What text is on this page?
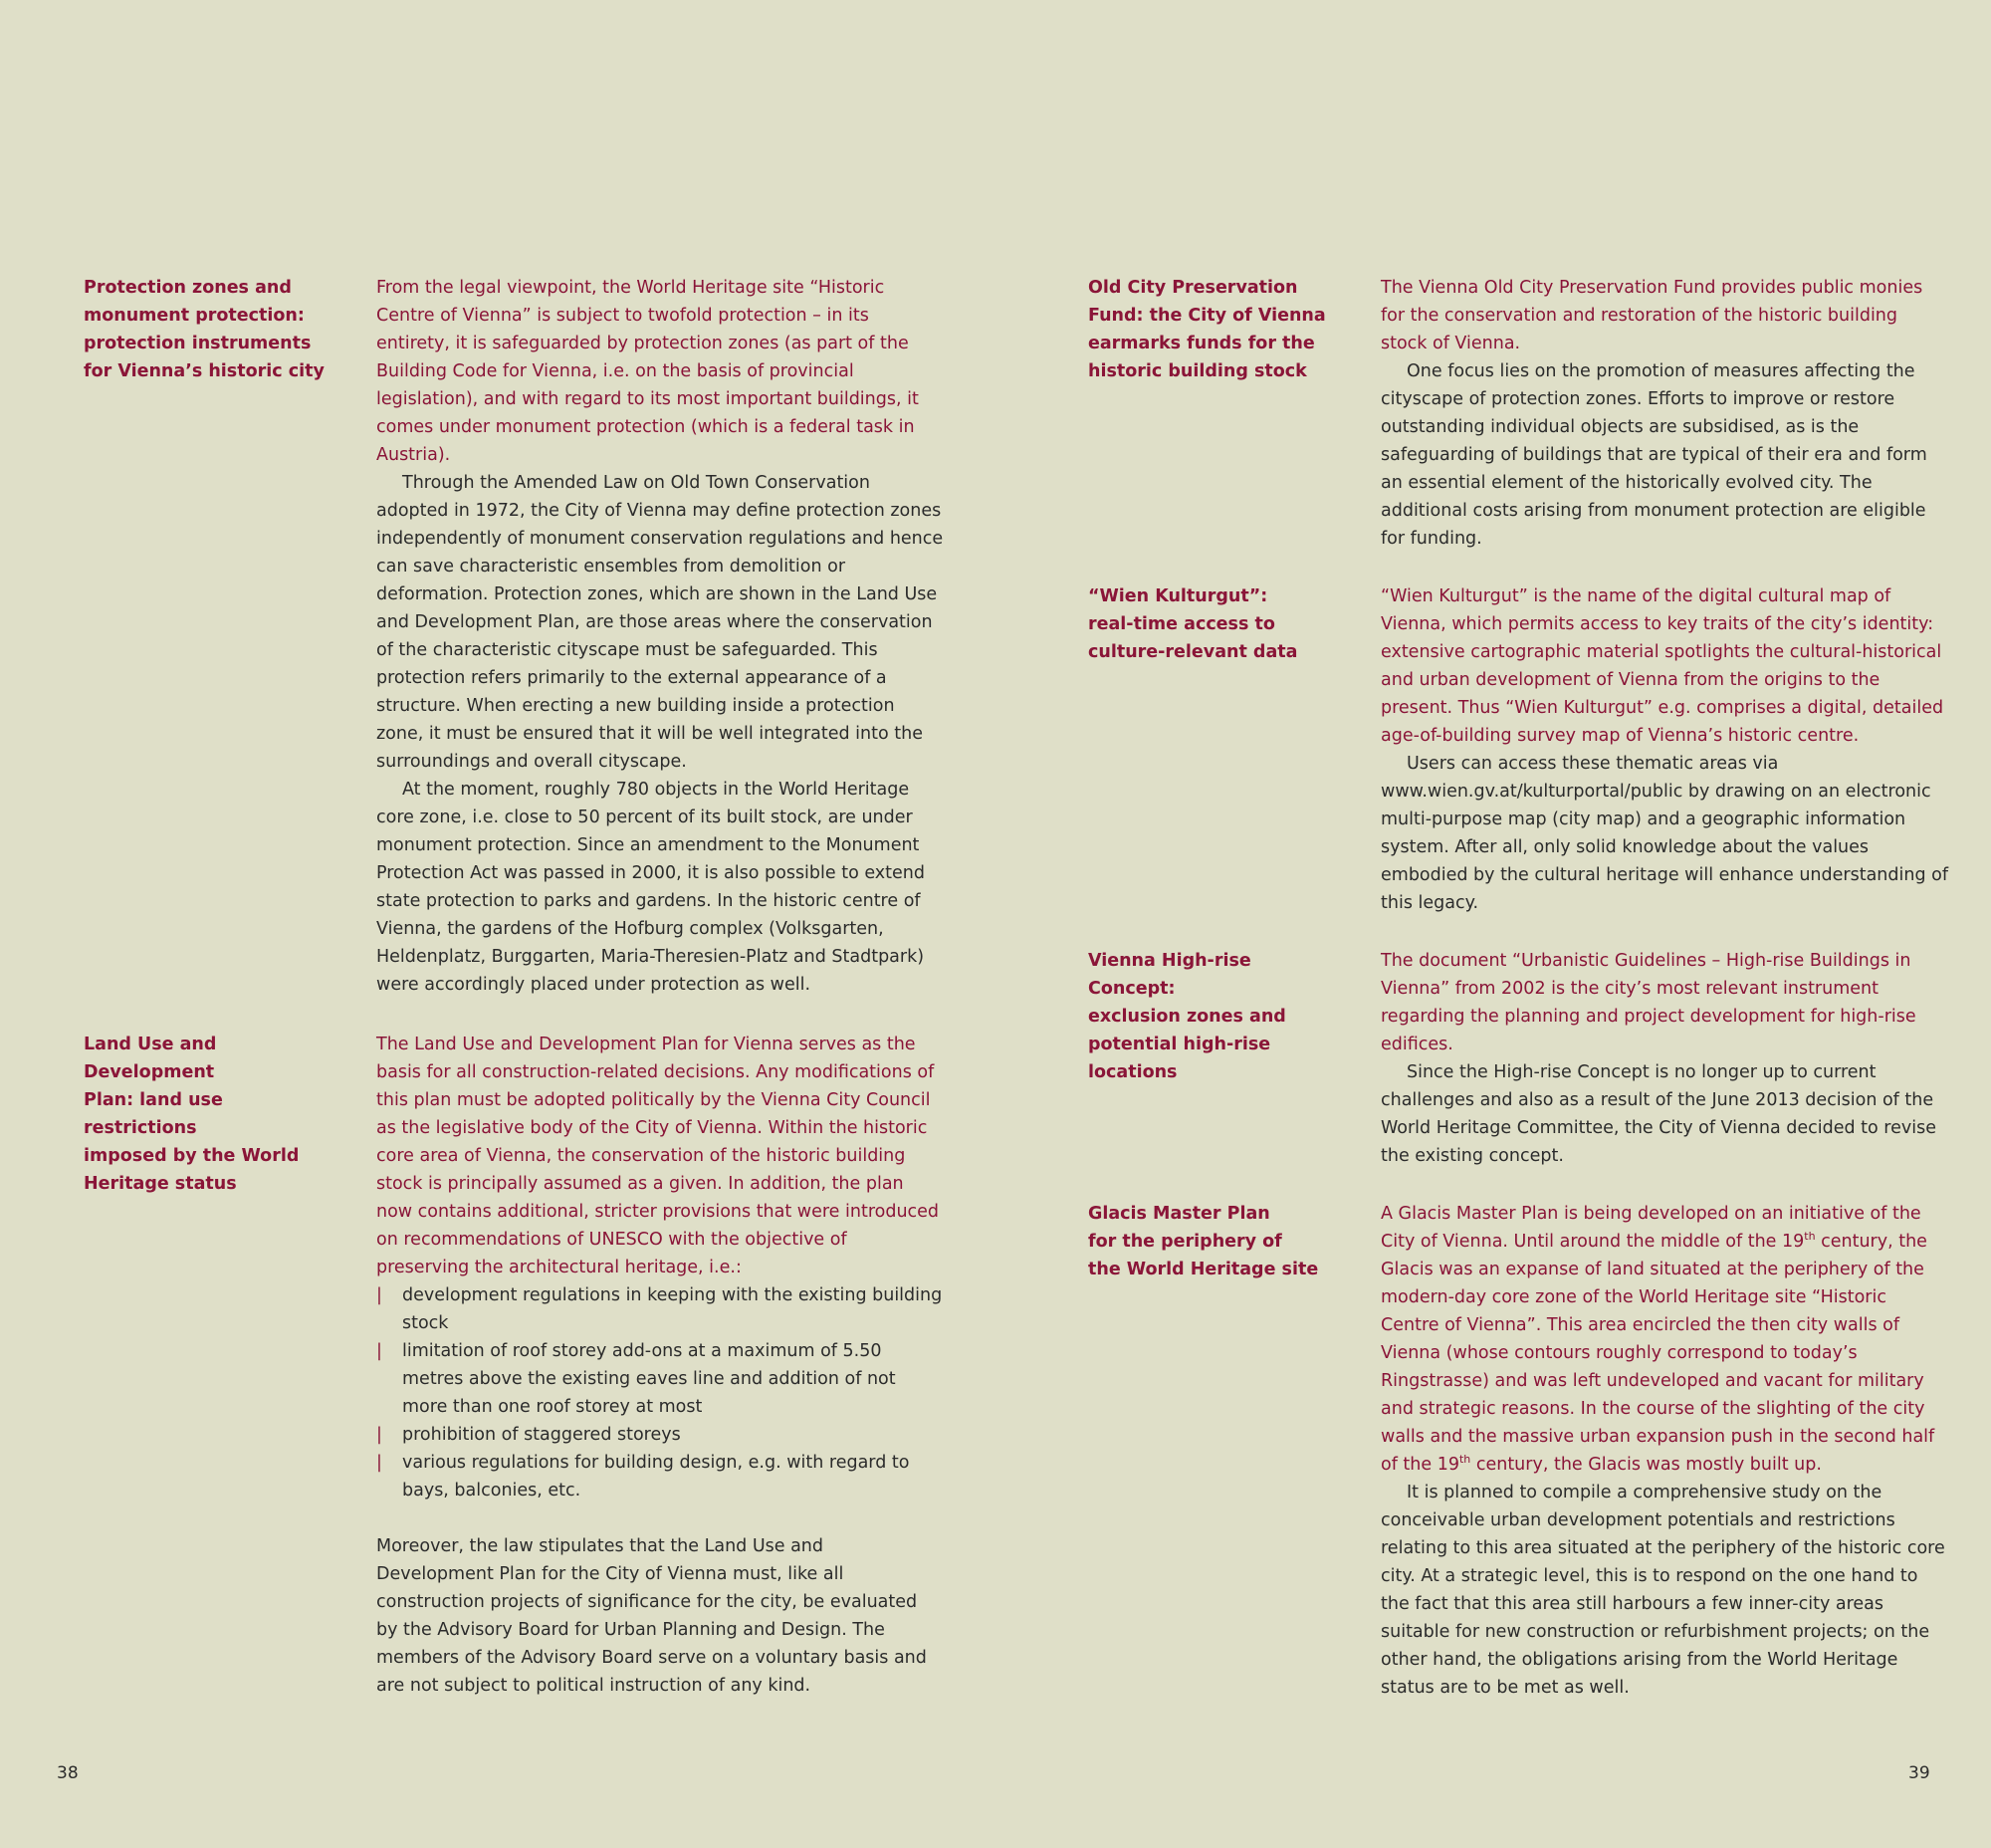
Protection zones and
monument protection:
protection instruments
for Vienna’s historic city

From the legal viewpoint, the World Heritage site “Historic Centre of Vienna” is subject to twofold protection – in its entirety, it is safeguarded by protection zones (as part of the Building Code for Vienna, i.e. on the basis of provincial legislation), and with regard to its most important buildings, it comes under monument protection (which is a federal task in Austria).

Through the Amended Law on Old Town Conservation adopted in 1972, the City of Vienna may define protection zones independently of monument conservation regulations and hence can save characteristic ensembles from demolition or deformation. Protection zones, which are shown in the Land Use and Development Plan, are those areas where the conservation of the characteristic cityscape must be safeguarded. This protection refers primarily to the external appearance of a structure. When erecting a new building inside a protection zone, it must be ensured that it will be well integrated into the surroundings and overall cityscape.

At the moment, roughly 780 objects in the World Heritage core zone, i.e. close to 50 percent of its built stock, are under monument protection. Since an amendment to the Monument Protection Act was passed in 2000, it is also possible to extend state protection to parks and gardens. In the historic centre of Vienna, the gardens of the Hofburg complex (Volksgarten, Heldenplatz, Burggarten, Maria-Theresien-Platz and Stadtpark) were accordingly placed under protection as well.

Land Use and Development
Plan: land use restrictions
imposed by the World
Heritage status

The Land Use and Development Plan for Vienna serves as the basis for all construction-related decisions. Any modifications of this plan must be adopted politically by the Vienna City Council as the legislative body of the City of Vienna. Within the historic core area of Vienna, the conservation of the historic building stock is principally assumed as a given. In addition, the plan now contains additional, stricter provisions that were introduced on recommendations of UNESCO with the objective of preserving the architectural heritage, i.e.:

| development regulations in keeping with the existing building stock
| limitation of roof storey add-ons at a maximum of 5.50 metres above the existing eaves line and addition of not more than one roof storey at most
| prohibition of staggered storeys
| various regulations for building design, e.g. with regard to bays, balconies, etc.

Moreover, the law stipulates that the Land Use and Development Plan for the City of Vienna must, like all construction projects of significance for the city, be evaluated by the Advisory Board for Urban Planning and Design. The members of the Advisory Board serve on a voluntary basis and are not subject to political instruction of any kind.

38
Old City Preservation
Fund: the City of Vienna
earmarks funds for the
historic building stock

The Vienna Old City Preservation Fund provides public monies for the conservation and restoration of the historic building stock of Vienna.

One focus lies on the promotion of measures affecting the cityscape of protection zones. Efforts to improve or restore outstanding individual objects are subsidised, as is the safeguarding of buildings that are typical of their era and form an essential element of the historically evolved city. The additional costs arising from monument protection are eligible for funding.

“Wien Kulturgut”:
real-time access to
culture-relevant data

“Wien Kulturgut” is the name of the digital cultural map of Vienna, which permits access to key traits of the city’s identity: extensive cartographic material spotlights the cultural-historical and urban development of Vienna from the origins to the present. Thus “Wien Kulturgut” e.g. comprises a digital, detailed age-of-building survey map of Vienna’s historic centre.

Users can access these thematic areas via www.wien.gv.at/kulturportal/public by drawing on an electronic multi-purpose map (city map) and a geographic information system. After all, only solid knowledge about the values embodied by the cultural heritage will enhance understanding of this legacy.

Vienna High-rise Concept:
exclusion zones and
potential high-rise locations

The document “Urbanistic Guidelines – High-rise Buildings in Vienna” from 2002 is the city’s most relevant instrument regarding the planning and project development for high-rise edifices.

Since the High-rise Concept is no longer up to current challenges and also as a result of the June 2013 decision of the World Heritage Committee, the City of Vienna decided to revise the existing concept.

Glacis Master Plan
for the periphery of
the World Heritage site

A Glacis Master Plan is being developed on an initiative of the City of Vienna. Until around the middle of the 19th century, the Glacis was an expanse of land situated at the periphery of the modern-day core zone of the World Heritage site “Historic Centre of Vienna”. This area encircled the then city walls of Vienna (whose contours roughly correspond to today’s Ringstrasse) and was left undeveloped and vacant for military and strategic reasons. In the course of the slighting of the city walls and the massive urban expansion push in the second half of the 19th century, the Glacis was mostly built up.

It is planned to compile a comprehensive study on the conceivable urban development potentials and restrictions relating to this area situated at the periphery of the historic core city. At a strategic level, this is to respond on the one hand to the fact that this area still harbours a few inner-city areas suitable for new construction or refurbishment projects; on the other hand, the obligations arising from the World Heritage status are to be met as well.

39
